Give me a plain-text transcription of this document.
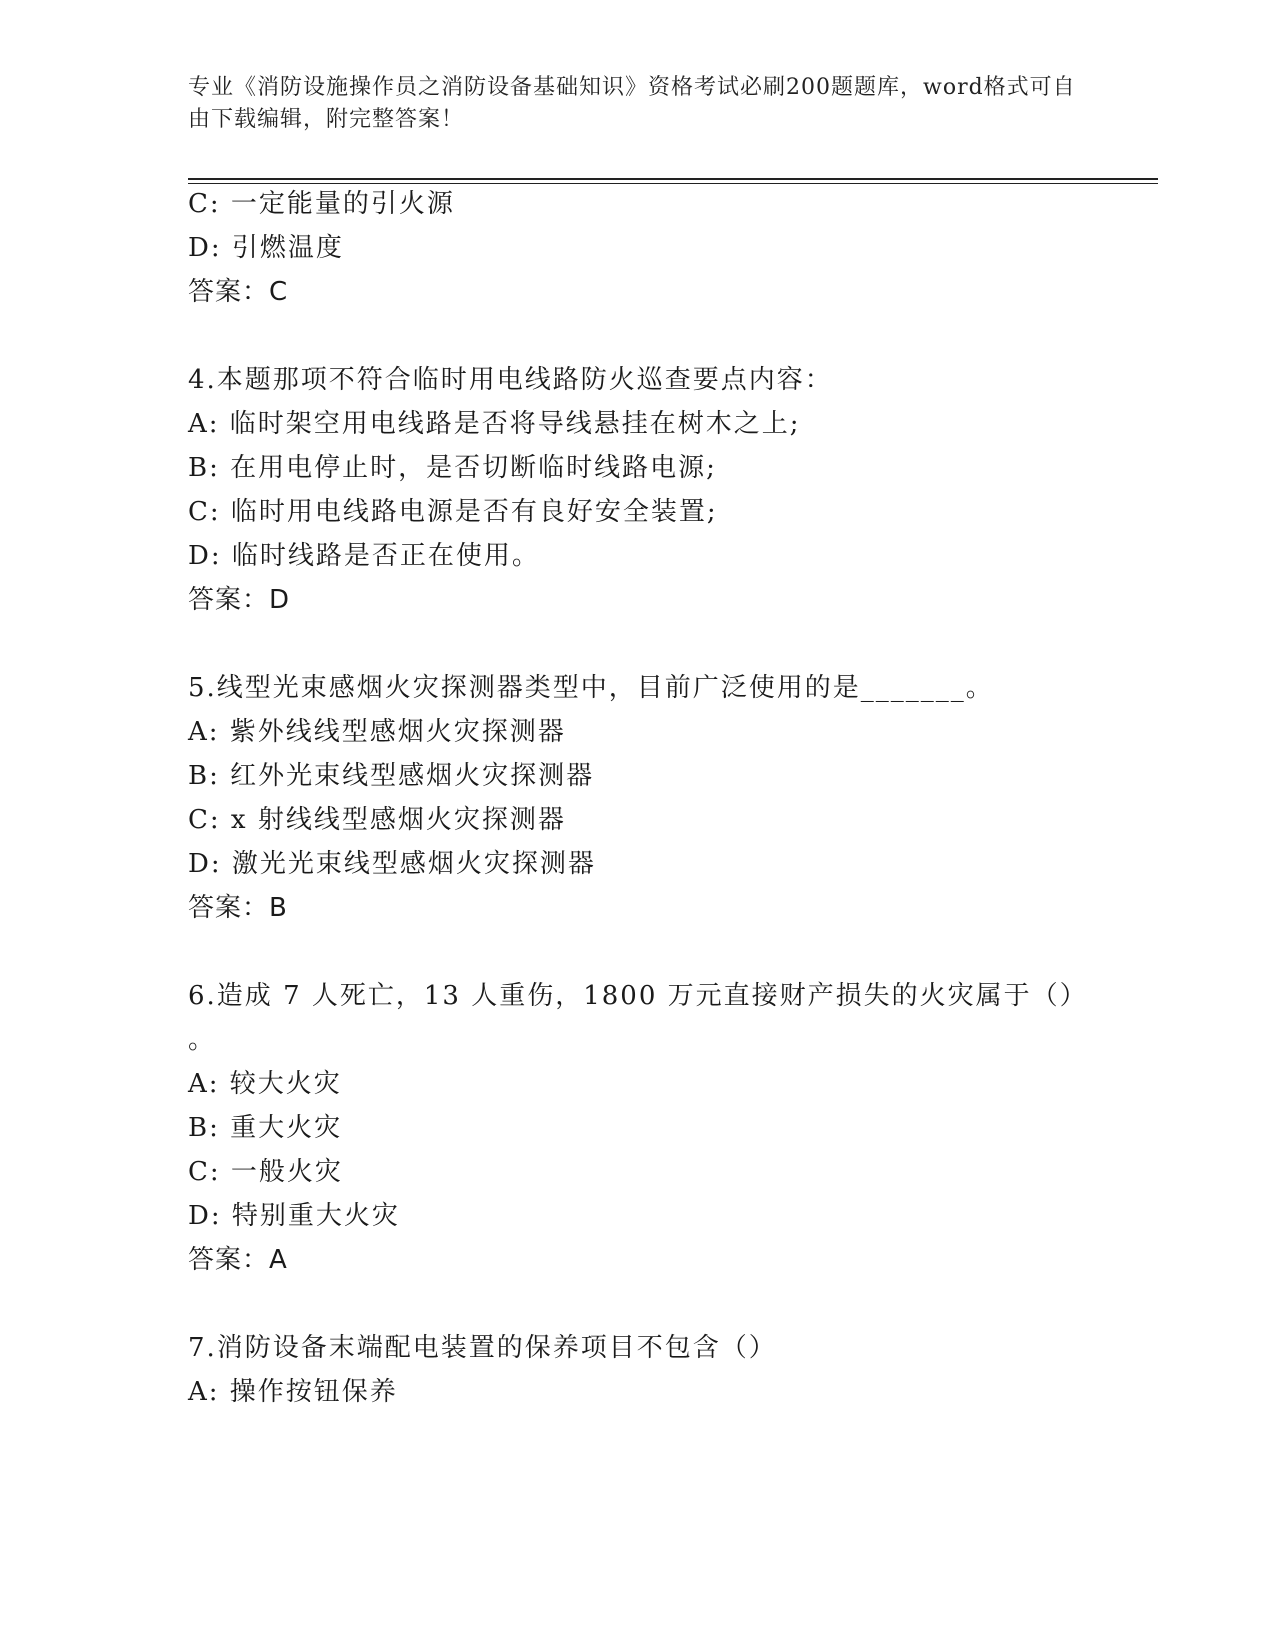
专业《消防设施操作员之消防设备基础知识》资格考试必刷200题题库，word格式可自由下载编辑，附完整答案！
C: 一定能量的引火源
D: 引燃温度
答案：C
4.本题那项不符合临时用电线路防火巡查要点内容：
A: 临时架空用电线路是否将导线悬挂在树木之上;
B: 在用电停止时，是否切断临时线路电源;
C: 临时用电线路电源是否有良好安全装置;
D: 临时线路是否正在使用。
答案：D
5.线型光束感烟火灾探测器类型中，目前广泛使用的是_______。
A: 紫外线线型感烟火灾探测器
B: 红外光束线型感烟火灾探测器
C: x 射线线型感烟火灾探测器
D: 激光光束线型感烟火灾探测器
答案：B
6.造成 7 人死亡，13 人重伤，1800 万元直接财产损失的火灾属于（）
。
A: 较大火灾
B: 重大火灾
C: 一般火灾
D: 特别重大火灾
答案：A
7.消防设备末端配电装置的保养项目不包含（）
A: 操作按钮保养
